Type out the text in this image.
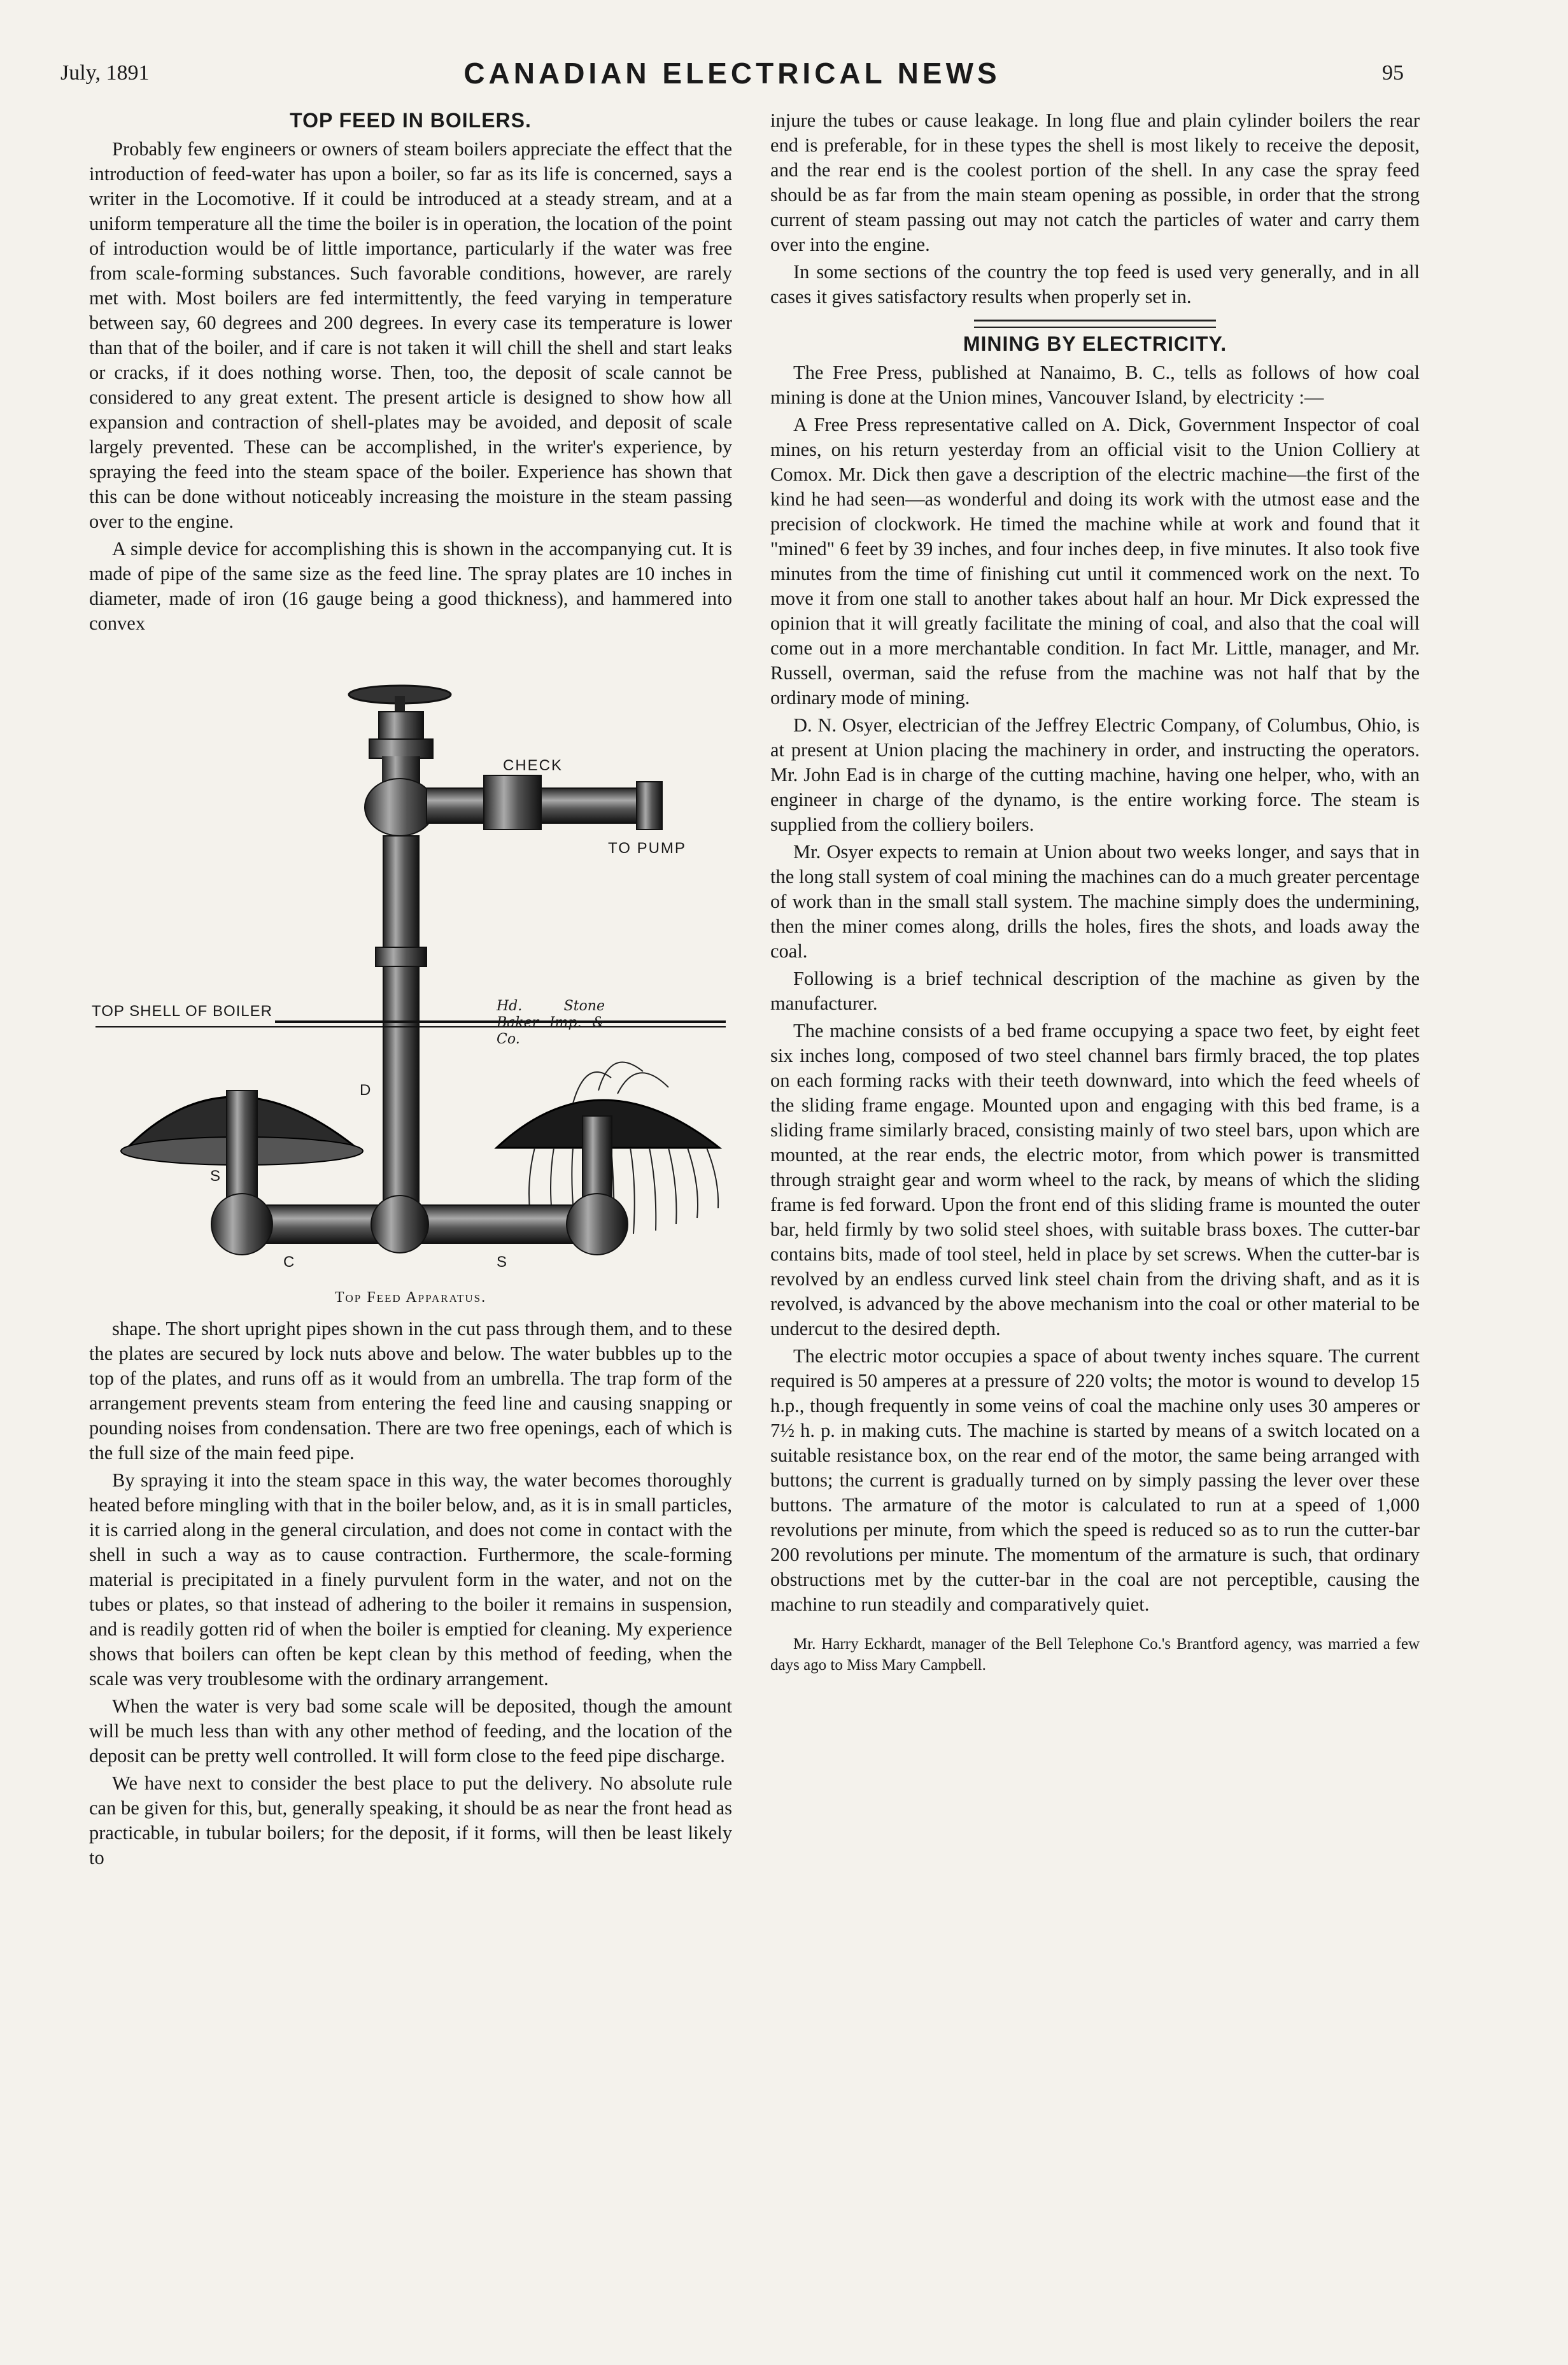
July, 1891	CANADIAN ELECTRICAL NEWS	95
TOP FEED IN BOILERS.

Probably few engineers or owners of steam boilers appreciate the effect that the introduction of feed-water has upon a boiler, so far as its life is concerned, says a writer in the Locomotive. If it could be introduced at a steady stream, and at a uniform temperature all the time the boiler is in operation, the location of the point of introduction would be of little importance, particularly if the water was free from scale-forming substances. Such favorable conditions, however, are rarely met with. Most boilers are fed intermittently, the feed varying in temperature between say, 60 degrees and 200 degrees. In every case its temperature is lower than that of the boiler, and if care is not taken it will chill the shell and start leaks or cracks, if it does nothing worse. Then, too, the deposit of scale cannot be considered to any great extent. The present article is designed to show how all expansion and contraction of shell-plates may be avoided, and deposit of scale largely prevented. These can be accomplished, in the writer's experience, by spraying the feed into the steam space of the boiler. Experience has shown that this can be done without noticeably increasing the moisture in the steam passing over to the engine.

A simple device for accomplishing this is shown in the accompanying cut. It is made of pipe of the same size as the feed line. The spray plates are 10 inches in diameter, made of iron (16 gauge being a good thickness), and hammered into convex

CHECK
TO PUMP
TOP SHELL OF BOILER	Hd. Stone Baker Imp. & Co.
D
S
C	S
Top Feed Apparatus.

shape. The short upright pipes shown in the cut pass through them, and to these the plates are secured by lock nuts above and below. The water bubbles up to the top of the plates, and runs off as it would from an umbrella. The trap form of the arrangement prevents steam from entering the feed line and causing snapping or pounding noises from condensation. There are two free openings, each of which is the full size of the main feed pipe.

By spraying it into the steam space in this way, the water becomes thoroughly heated before mingling with that in the boiler below, and, as it is in small particles, it is carried along in the general circulation, and does not come in contact with the shell in such a way as to cause contraction. Furthermore, the scale-forming material is precipitated in a finely purvulent form in the water, and not on the tubes or plates, so that instead of adhering to the boiler it remains in suspension, and is readily gotten rid of when the boiler is emptied for cleaning. My experience shows that boilers can often be kept clean by this method of feeding, when the scale was very troublesome with the ordinary arrangement.

When the water is very bad some scale will be deposited, though the amount will be much less than with any other method of feeding, and the location of the deposit can be pretty well controlled. It will form close to the feed pipe discharge.

We have next to consider the best place to put the delivery. No absolute rule can be given for this, but, generally speaking, it should be as near the front head as practicable, in tubular boilers; for the deposit, if it forms, will then be least likely to

injure the tubes or cause leakage. In long flue and plain cylinder boilers the rear end is preferable, for in these types the shell is most likely to receive the deposit, and the rear end is the coolest portion of the shell. In any case the spray feed should be as far from the main steam opening as possible, in order that the strong current of steam passing out may not catch the particles of water and carry them over into the engine.

In some sections of the country the top feed is used very generally, and in all cases it gives satisfactory results when properly set in.

MINING BY ELECTRICITY.

The Free Press, published at Nanaimo, B. C., tells as follows of how coal mining is done at the Union mines, Vancouver Island, by electricity :—

A Free Press representative called on A. Dick, Government Inspector of coal mines, on his return yesterday from an official visit to the Union Colliery at Comox. Mr. Dick then gave a description of the electric machine—the first of the kind he had seen—as wonderful and doing its work with the utmost ease and the precision of clockwork. He timed the machine while at work and found that it "mined" 6 feet by 39 inches, and four inches deep, in five minutes. It also took five minutes from the time of finishing cut until it commenced work on the next. To move it from one stall to another takes about half an hour. Mr Dick expressed the opinion that it will greatly facilitate the mining of coal, and also that the coal will come out in a more merchantable condition. In fact Mr. Little, manager, and Mr. Russell, overman, said the refuse from the machine was not half that by the ordinary mode of mining.

D. N. Osyer, electrician of the Jeffrey Electric Company, of Columbus, Ohio, is at present at Union placing the machinery in order, and instructing the operators. Mr. John Ead is in charge of the cutting machine, having one helper, who, with an engineer in charge of the dynamo, is the entire working force. The steam is supplied from the colliery boilers.

Mr. Osyer expects to remain at Union about two weeks longer, and says that in the long stall system of coal mining the machines can do a much greater percentage of work than in the small stall system. The machine simply does the undermining, then the miner comes along, drills the holes, fires the shots, and loads away the coal.

Following is a brief technical description of the machine as given by the manufacturer.

The machine consists of a bed frame occupying a space two feet, by eight feet six inches long, composed of two steel channel bars firmly braced, the top plates on each forming racks with their teeth downward, into which the feed wheels of the sliding frame engage. Mounted upon and engaging with this bed frame, is a sliding frame similarly braced, consisting mainly of two steel bars, upon which are mounted, at the rear ends, the electric motor, from which power is transmitted through straight gear and worm wheel to the rack, by means of which the sliding frame is fed forward. Upon the front end of this sliding frame is mounted the outer bar, held firmly by two solid steel shoes, with suitable brass boxes. The cutter-bar contains bits, made of tool steel, held in place by set screws. When the cutter-bar is revolved by an endless curved link steel chain from the driving shaft, and as it is revolved, is advanced by the above mechanism into the coal or other material to be undercut to the desired depth.

The electric motor occupies a space of about twenty inches square. The current required is 50 amperes at a pressure of 220 volts; the motor is wound to develop 15 h.p., though frequently in some veins of coal the machine only uses 30 amperes or 7½ h. p. in making cuts. The machine is started by means of a switch located on a suitable resistance box, on the rear end of the motor, the same being arranged with buttons; the current is gradually turned on by simply passing the lever over these buttons. The armature of the motor is calculated to run at a speed of 1,000 revolutions per minute, from which the speed is reduced so as to run the cutter-bar 200 revolutions per minute. The momentum of the armature is such, that ordinary obstructions met by the cutter-bar in the coal are not perceptible, causing the machine to run steadily and comparatively quiet.

Mr. Harry Eckhardt, manager of the Bell Telephone Co.'s Brantford agency, was married a few days ago to Miss Mary Campbell.
